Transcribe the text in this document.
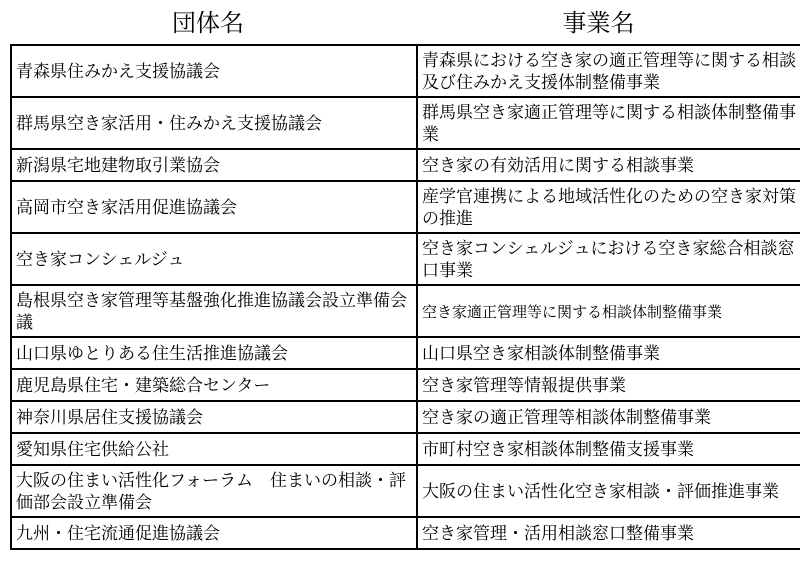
団体名	事業名
青森県住みかえ支援協議会	青森県における空き家の適正管理等に関する相談及び住みかえ支援体制整備事業
群馬県空き家活用・住みかえ支援協議会	群馬県空き家適正管理等に関する相談体制整備事業
新潟県宅地建物取引業協会	空き家の有効活用に関する相談事業
高岡市空き家活用促進協議会	産学官連携による地域活性化のための空き家対策の推進
空き家コンシェルジュ	空き家コンシェルジュにおける空き家総合相談窓口事業
島根県空き家管理等基盤強化推進協議会設立準備会議	空き家適正管理等に関する相談体制整備事業
山口県ゆとりある住生活推進協議会	山口県空き家相談体制整備事業
鹿児島県住宅・建築総合センター	空き家管理等情報提供事業
神奈川県居住支援協議会	空き家の適正管理等相談体制整備事業
愛知県住宅供給公社	市町村空き家相談体制整備支援事業
大阪の住まい活性化フォーラム　住まいの相談・評価部会設立準備会	大阪の住まい活性化空き家相談・評価推進事業
九州・住宅流通促進協議会	空き家管理・活用相談窓口整備事業
